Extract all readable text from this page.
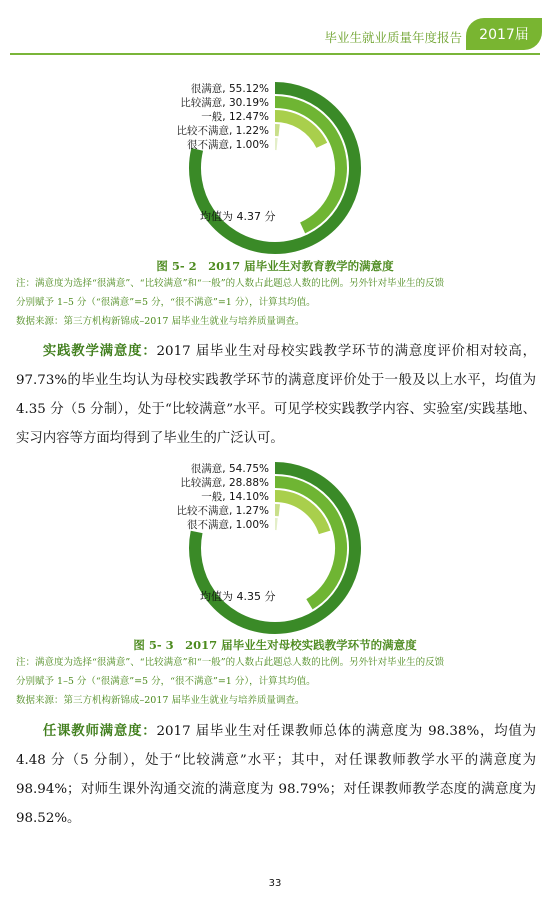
毕业生就业质量年度报告	2017届
很满意, 55.12%
比较满意, 30.19%
一般, 12.47%
比较不满意, 1.22%
很不满意, 1.00%
均值为 4.37 分
图 5- 2　2017 届毕业生对教育教学的满意度
注：满意度为选择“很满意”、“比较满意”和“一般”的人数占此题总人数的比例。另外针对毕业生的反馈
分别赋予 1–5 分（“很满意”=5 分，“很不满意”=1 分），计算其均值。
数据来源：第三方机构新锦成–2017 届毕业生就业与培养质量调查。
实践教学满意度：2017 届毕业生对母校实践教学环节的满意度评价相对较高，97.73%的毕业生均认为母校实践教学环节的满意度评价处于一般及以上水平，均值为 4.35 分（5 分制），处于“比较满意”水平。可见学校实践教学内容、实验室/实践基地、实习内容等方面均得到了毕业生的广泛认可。
很满意, 54.75%
比较满意, 28.88%
一般, 14.10%
比较不满意, 1.27%
很不满意, 1.00%
均值为 4.35 分
图 5- 3　2017 届毕业生对母校实践教学环节的满意度
注：满意度为选择“很满意”、“比较满意”和“一般”的人数占此题总人数的比例。另外针对毕业生的反馈
分别赋予 1–5 分（“很满意”=5 分，“很不满意”=1 分），计算其均值。
数据来源：第三方机构新锦成–2017 届毕业生就业与培养质量调查。
任课教师满意度：2017 届毕业生对任课教师总体的满意度为 98.38%，均值为 4.48 分（5 分制），处于“比较满意”水平；其中，对任课教师教学水平的满意度为 98.94%；对师生课外沟通交流的满意度为 98.79%；对任课教师教学态度的满意度为 98.52%。
33
